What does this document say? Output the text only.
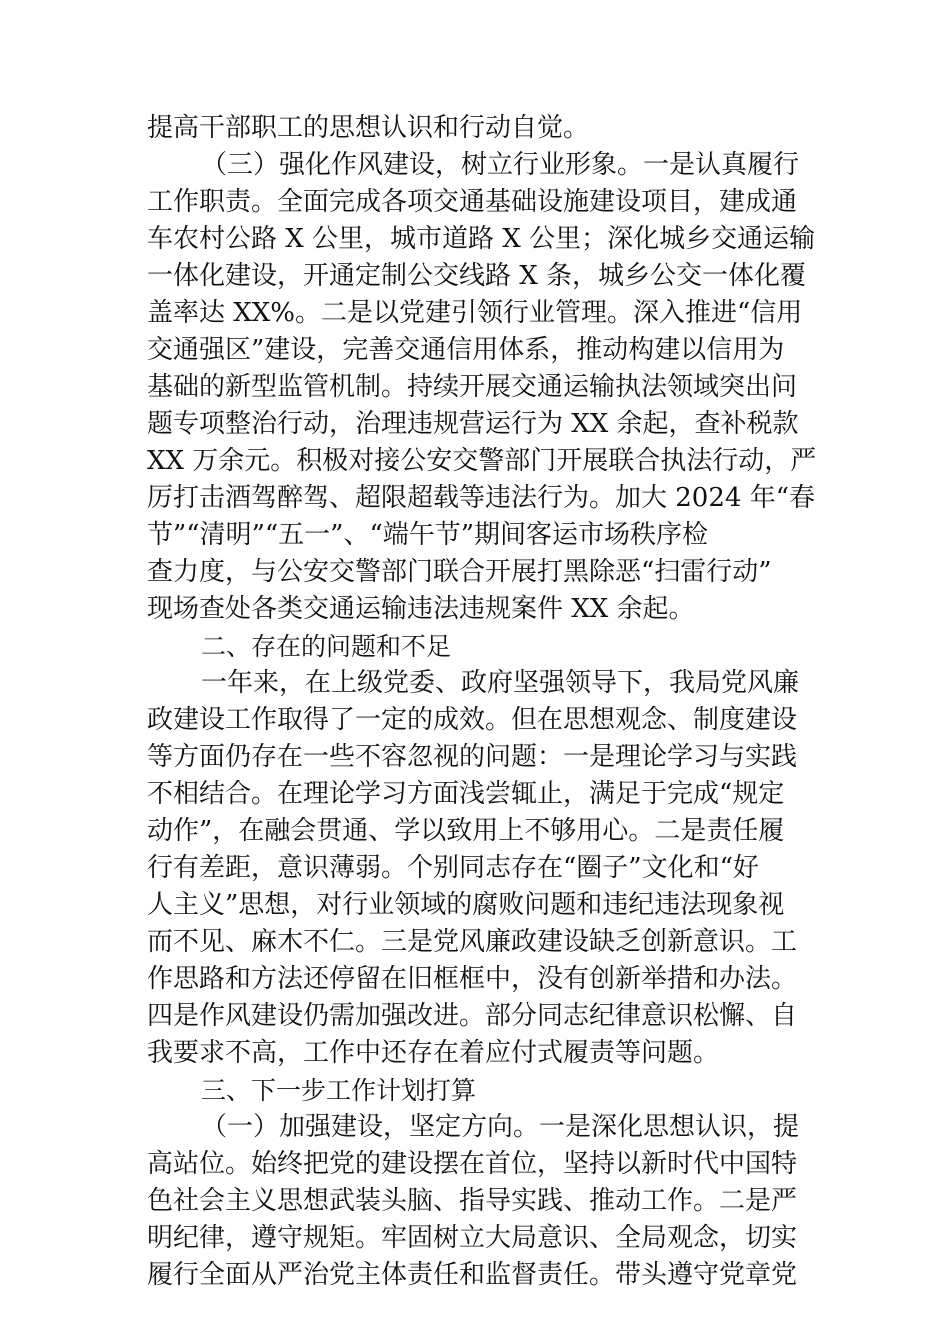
提高干部职工的思想认识和行动自觉。
（三）强化作风建设，树立行业形象。一是认真履行
工作职责。全面完成各项交通基础设施建设项目，建成通
车农村公路 X 公里，城市道路 X 公里；深化城乡交通运输
一体化建设，开通定制公交线路 X 条，城乡公交一体化覆
盖率达 XX%。二是以党建引领行业管理。深入推进“信用
交通强区”建设，完善交通信用体系，推动构建以信用为
基础的新型监管机制。持续开展交通运输执法领域突出问
题专项整治行动，治理违规营运行为 XX 余起，查补税款
XX 万余元。积极对接公安交警部门开展联合执法行动，严
厉打击酒驾醉驾、超限超载等违法行为。加大 2024 年“春
节”“清明”“五一”、“端午节”期间客运市场秩序检
查力度，与公安交警部门联合开展打黑除恶“扫雷行动”
现场查处各类交通运输违法违规案件 XX 余起。
二、存在的问题和不足
一年来，在上级党委、政府坚强领导下，我局党风廉
政建设工作取得了一定的成效。但在思想观念、制度建设
等方面仍存在一些不容忽视的问题：一是理论学习与实践
不相结合。在理论学习方面浅尝辄止，满足于完成“规定
动作”，在融会贯通、学以致用上不够用心。二是责任履
行有差距，意识薄弱。个别同志存在“圈子”文化和“好
人主义”思想，对行业领域的腐败问题和违纪违法现象视
而不见、麻木不仁。三是党风廉政建设缺乏创新意识。工
作思路和方法还停留在旧框框中，没有创新举措和办法。
四是作风建设仍需加强改进。部分同志纪律意识松懈、自
我要求不高，工作中还存在着应付式履责等问题。
三、下一步工作计划打算
（一）加强建设，坚定方向。一是深化思想认识，提
高站位。始终把党的建设摆在首位，坚持以新时代中国特
色社会主义思想武装头脑、指导实践、推动工作。二是严
明纪律，遵守规矩。牢固树立大局意识、全局观念，切实
履行全面从严治党主体责任和监督责任。带头遵守党章党
